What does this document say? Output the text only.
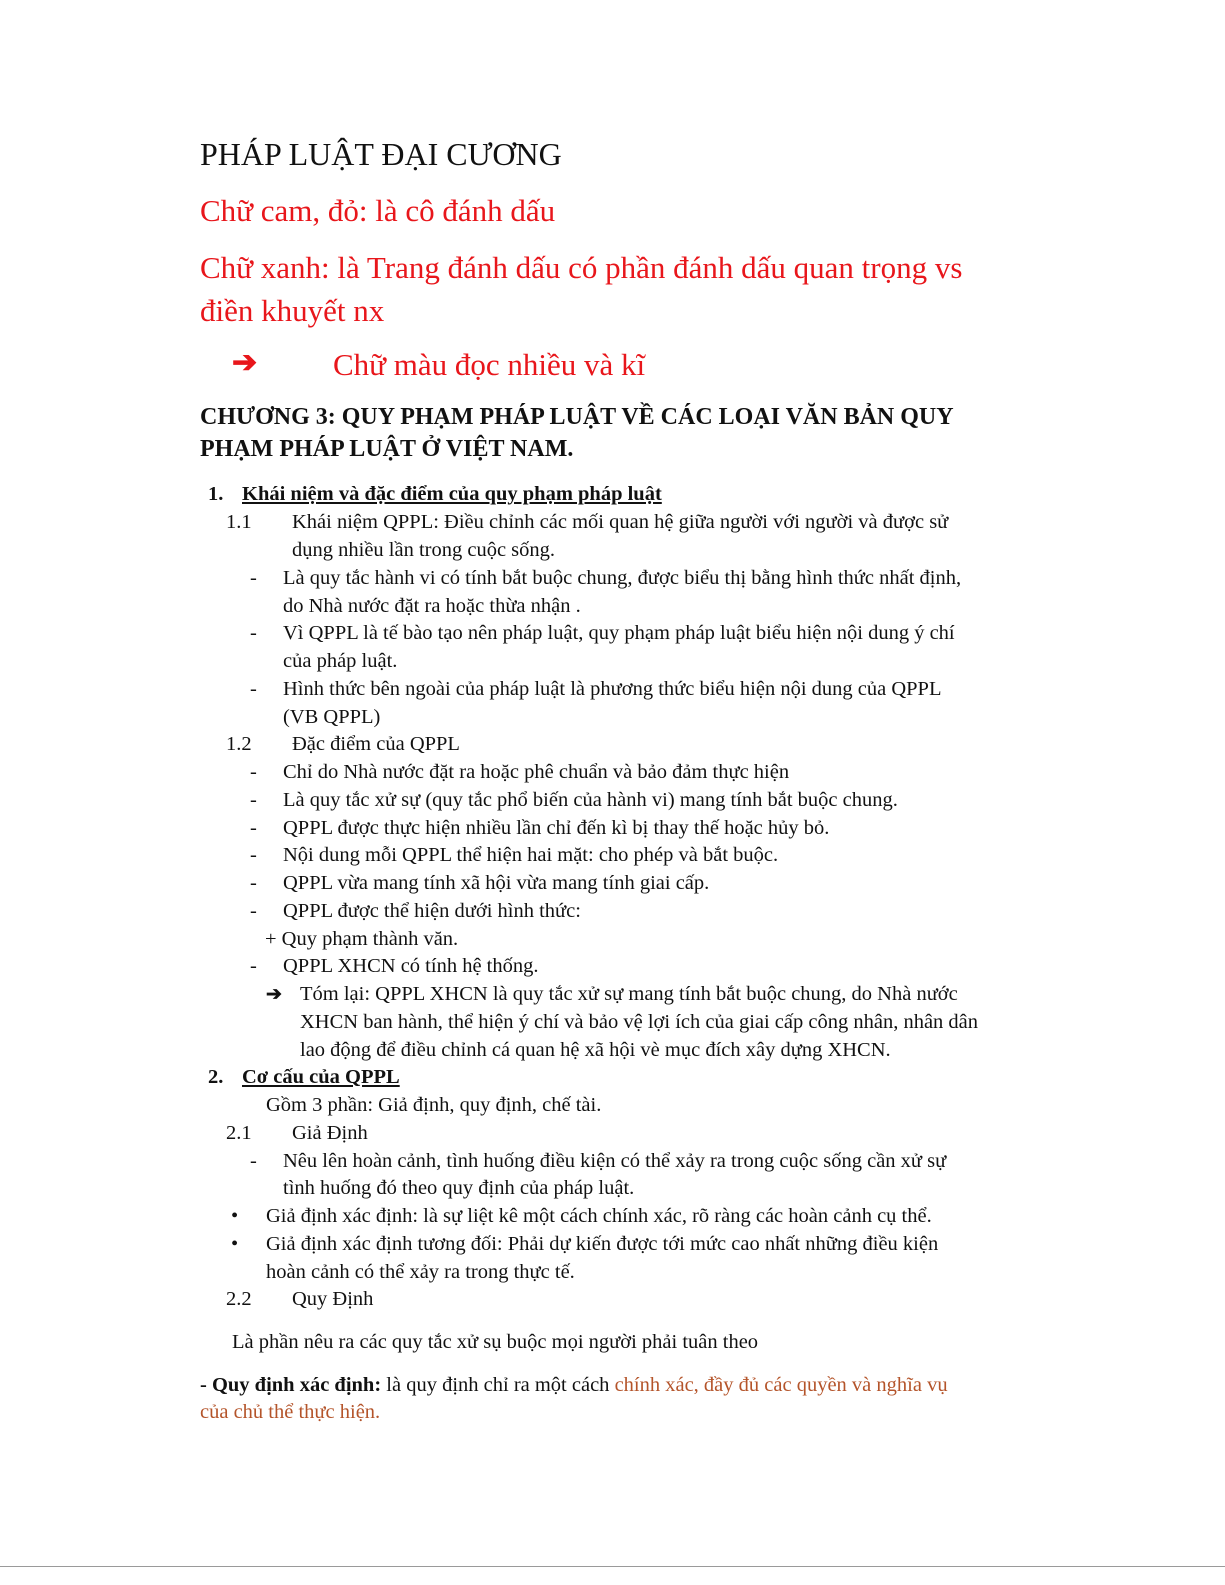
PHÁP LUẬT ĐẠI CƯƠNG
Chữ cam, đỏ: là cô đánh dấu
Chữ xanh: là Trang đánh dấu có phần đánh dấu quan trọng vs
điền khuyết nx
➔ Chữ màu đọc nhiều và kĩ
CHƯƠNG 3: QUY PHẠM PHÁP LUẬT VỀ CÁC LOẠI VĂN BẢN QUY
PHẠM PHÁP LUẬT Ở VIỆT NAM.
1. Khái niệm và đặc điểm của quy phạm pháp luật
1.1 Khái niệm QPPL: Điều chỉnh các mối quan hệ giữa người với người và được sử
dụng nhiều lần trong cuộc sống.
- Là quy tắc hành vi có tính bắt buộc chung, được biểu thị bằng hình thức nhất định,
do Nhà nước đặt ra hoặc thừa nhận .
- Vì QPPL là tế bào tạo nên pháp luật, quy phạm pháp luật biểu hiện nội dung ý chí
của pháp luật.
- Hình thức bên ngoài của pháp luật là phương thức biểu hiện nội dung của QPPL
(VB QPPL)
1.2 Đặc điểm của QPPL
- Chỉ do Nhà nước đặt ra hoặc phê chuẩn và bảo đảm thực hiện
- Là quy tắc xử sự (quy tắc phổ biến của hành vi) mang tính bắt buộc chung.
- QPPL được thực hiện nhiều lần chỉ đến kì bị thay thế hoặc hủy bỏ.
- Nội dung mỗi QPPL thể hiện hai mặt: cho phép và bắt buộc.
- QPPL vừa mang tính xã hội vừa mang tính giai cấp.
- QPPL được thể hiện dưới hình thức:
+ Quy phạm thành văn.
- QPPL XHCN có tính hệ thống.
➔ Tóm lại: QPPL XHCN là quy tắc xử sự mang tính bắt buộc chung, do Nhà nước
XHCN ban hành, thể hiện ý chí và bảo vệ lợi ích của giai cấp công nhân, nhân dân
lao động để điều chỉnh cá quan hệ xã hội vè mục đích xây dựng XHCN.
2. Cơ cấu của QPPL
Gồm 3 phần: Giả định, quy định, chế tài.
2.1 Giả Định
- Nêu lên hoàn cảnh, tình huống điều kiện có thể xảy ra trong cuộc sống cần xử sự
tình huống đó theo quy định của pháp luật.
• Giả định xác định: là sự liệt kê một cách chính xác, rõ ràng các hoàn cảnh cụ thể.
• Giả định xác định tương đối: Phải dự kiến được tới mức cao nhất những điều kiện
hoàn cảnh có thể xảy ra trong thực tế.
2.2 Quy Định
Là phần nêu ra các quy tắc xử sụ buộc mọi người phải tuân theo
- Quy định xác định: là quy định chỉ ra một cách chính xác, đầy đủ các quyền và nghĩa vụ
của chủ thể thực hiện.
